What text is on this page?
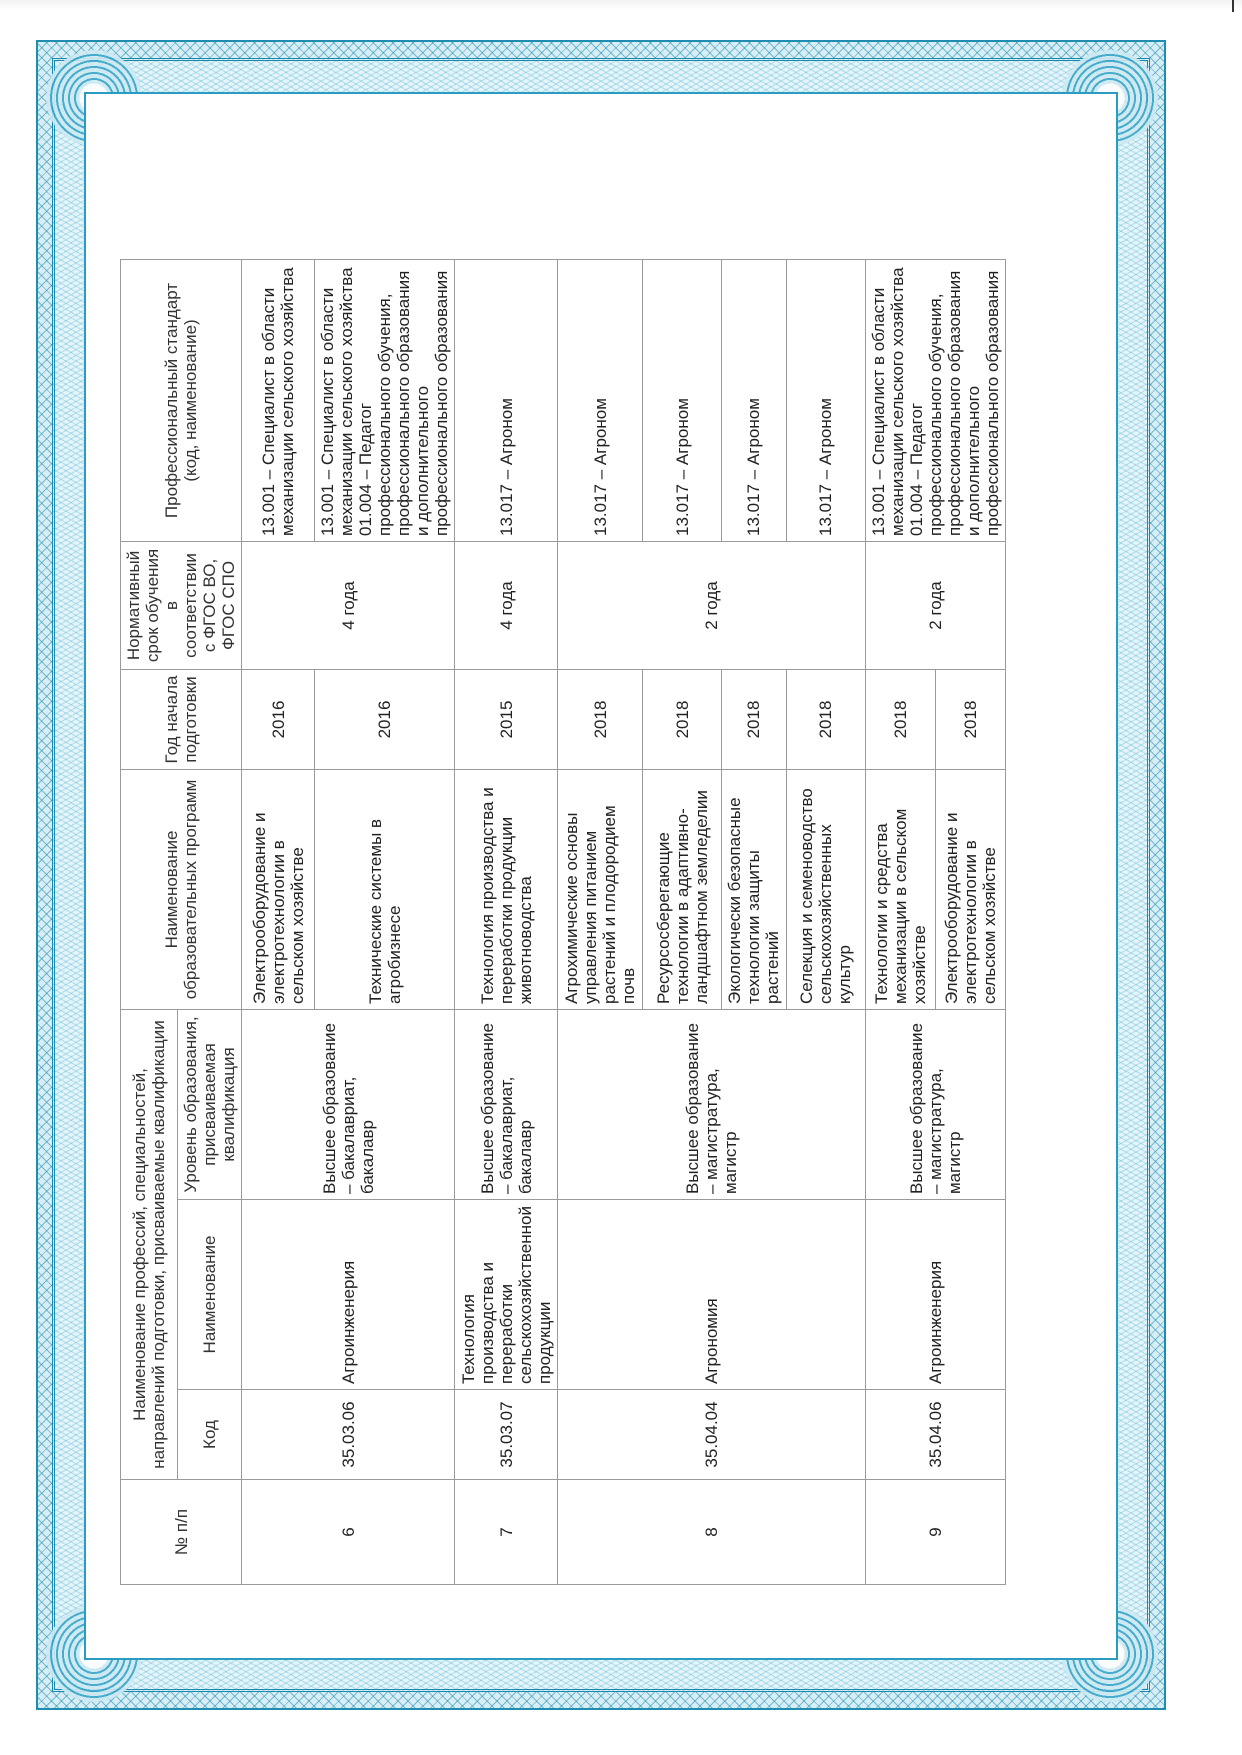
№ п/п	Наименование профессий, специальностей, направлений подготовки, присваиваемые квалификации			Наименование образовательных программ	Год начала подготовки	Нормативный срок обучения в соответствии с ФГОС ВО, ФГОС СПО	Профессиональный стандарт (код, наименование)
	Код	Наименование	Уровень образования, присваиваемая квалификация				
6	35.03.06	Агроинженерия	Высшее образование – бакалавриат, бакалавр	Электрооборудование и электротехнологии в сельском хозяйстве	2016	4 года	13.001 – Специалист в области механизации сельского хозяйства
				Технические системы в агробизнесе	2016		13.001 – Специалист в области механизации сельского хозяйства 01.004 – Педагог профессионального обучения, профессионального образования и дополнительного профессионального образования

7	35.03.07	Технология производства и переработки сельскохозяйственной продукции	Высшее образование – бакалавриат, бакалавр	Технология производства и переработки продукции животноводства	2015	4 года	13.017 – Агроном
8	35.04.04	Агрономия	Высшее образование – магистратура, магистр	Агрохимические основы управления питанием растений и плодородием почв	2018	2 года	13.017 – Агроном
				Ресурсосберегающие технологии в адаптивно-ландшафтном земледелии	2018		13.017 – Агроном
				Экологически безопасные технологии защиты растений	2018		13.017 – Агроном
				Селекция и семеноводство сельскохозяйственных культур	2018		13.017 – Агроном
9	35.04.06	Агроинженерия	Высшее образование – магистратура, магистр	Технологии и средства механизации в сельском хозяйстве	2018	2 года	13.001 – Специалист в области механизации сельского хозяйства 01.004 – Педагог профессионального обучения, профессионального образования и дополнительного профессионального образования

				Электрооборудование и электротехнологии в сельском хозяйстве	2018		
